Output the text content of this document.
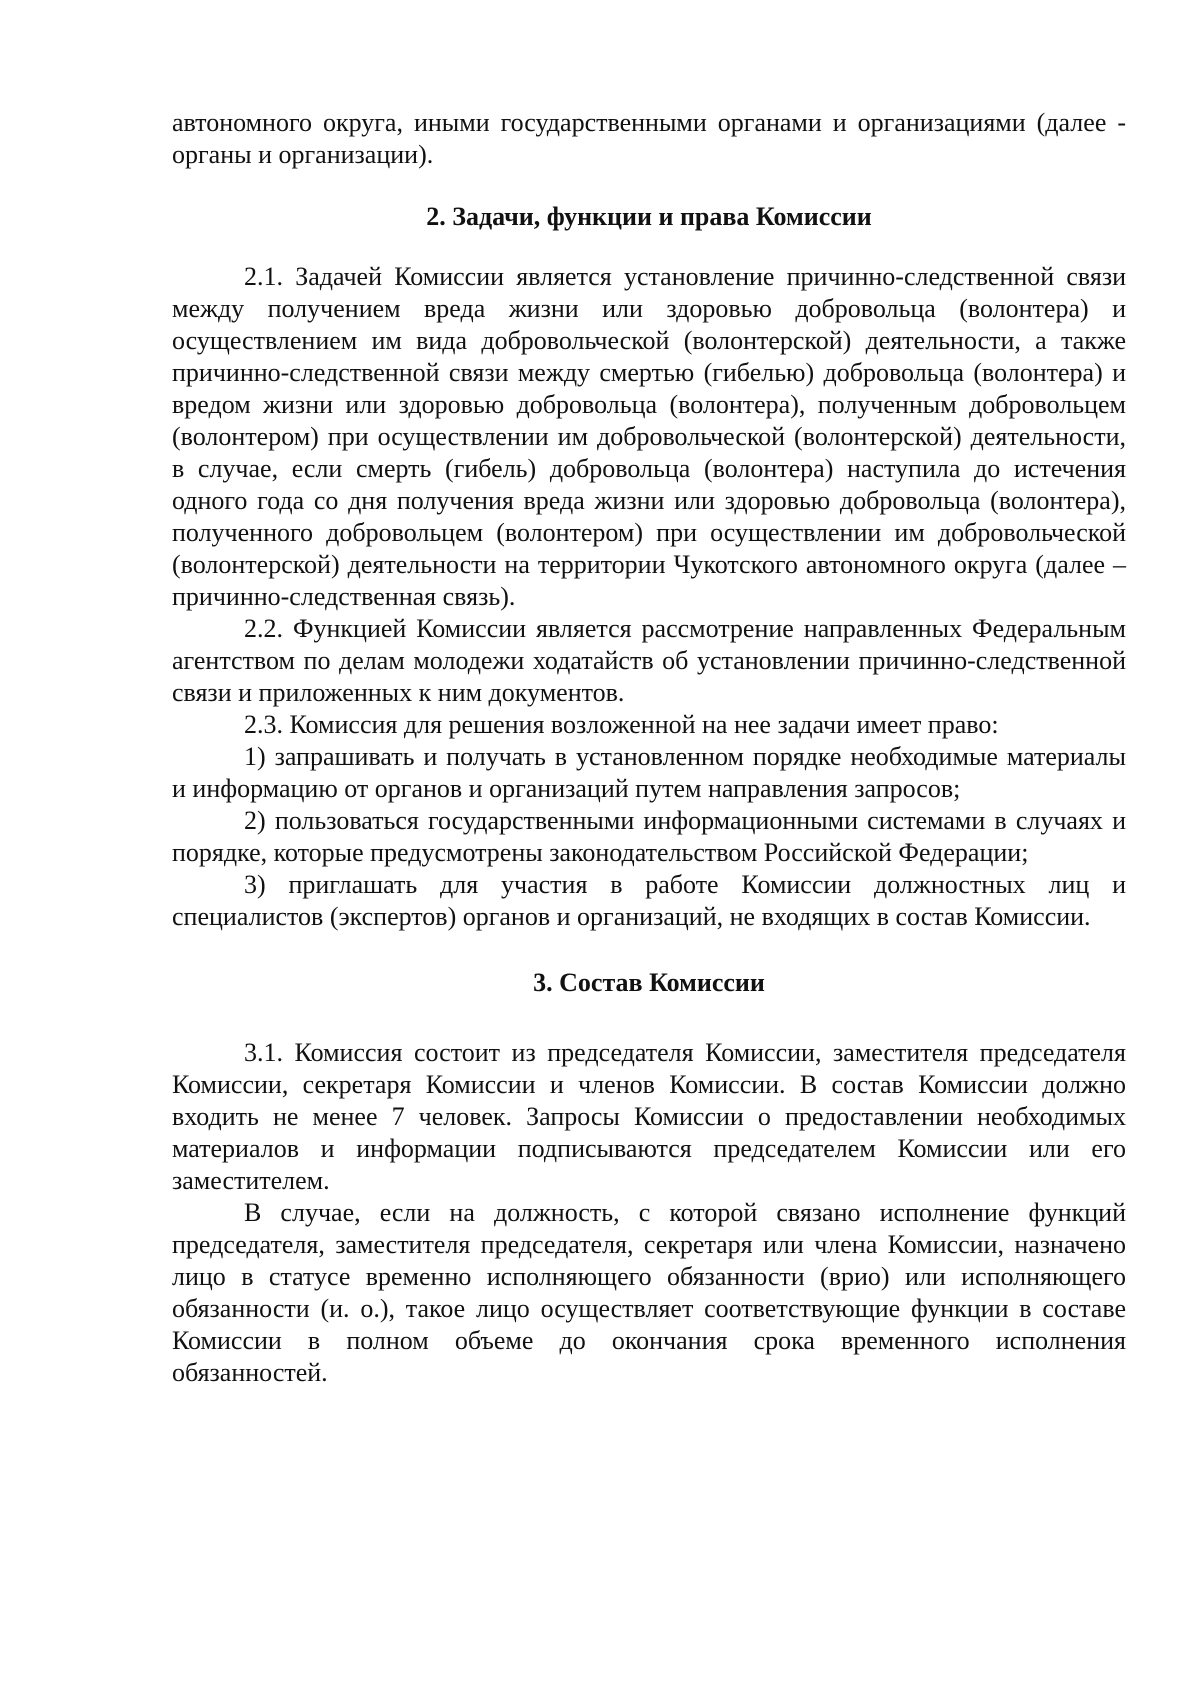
автономного округа, иными государственными органами и организациями (далее - органы и организации).

2. Задачи, функции и права Комиссии

2.1. Задачей Комиссии является установление причинно-следственной связи между получением вреда жизни или здоровью добровольца (волонтера) и осуществлением им вида добровольческой (волонтерской) деятельности, а также причинно-следственной связи между смертью (гибелью) добровольца (волонтера) и вредом жизни или здоровью добровольца (волонтера), полученным добровольцем (волонтером) при осуществлении им добровольческой (волонтерской) деятельности, в случае, если смерть (гибель) добровольца (волонтера) наступила до истечения одного года со дня получения вреда жизни или здоровью добровольца (волонтера), полученного добровольцем (волонтером) при осуществлении им добровольческой (волонтерской) деятельности на территории Чукотского автономного округа (далее – причинно-следственная связь).

2.2. Функцией Комиссии является рассмотрение направленных Федеральным агентством по делам молодежи ходатайств об установлении причинно-следственной связи и приложенных к ним документов.

2.3. Комиссия для решения возложенной на нее задачи имеет право:

1) запрашивать и получать в установленном порядке необходимые материалы и информацию от органов и организаций путем направления запросов;

2) пользоваться государственными информационными системами в случаях и порядке, которые предусмотрены законодательством Российской Федерации;

3) приглашать для участия в работе Комиссии должностных лиц и специалистов (экспертов) органов и организаций, не входящих в состав Комиссии.

3. Состав Комиссии

3.1. Комиссия состоит из председателя Комиссии, заместителя председателя Комиссии, секретаря Комиссии и членов Комиссии. В состав Комиссии должно входить не менее 7 человек. Запросы Комиссии о предоставлении необходимых материалов и информации подписываются председателем Комиссии или его заместителем.

В случае, если на должность, с которой связано исполнение функций председателя, заместителя председателя, секретаря или члена Комиссии, назначено лицо в статусе временно исполняющего обязанности (врио) или исполняющего обязанности (и. о.), такое лицо осуществляет соответствующие функции в составе Комиссии в полном объеме до окончания срока временного исполнения обязанностей.
